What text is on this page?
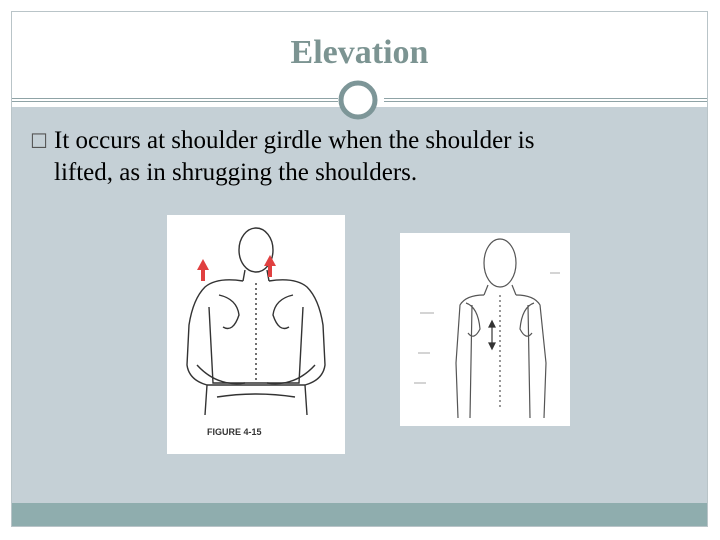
Elevation
☐ It occurs at shoulder girdle when the shoulder is
lifted, as in shrugging the shoulders.
FIGURE 4-15
